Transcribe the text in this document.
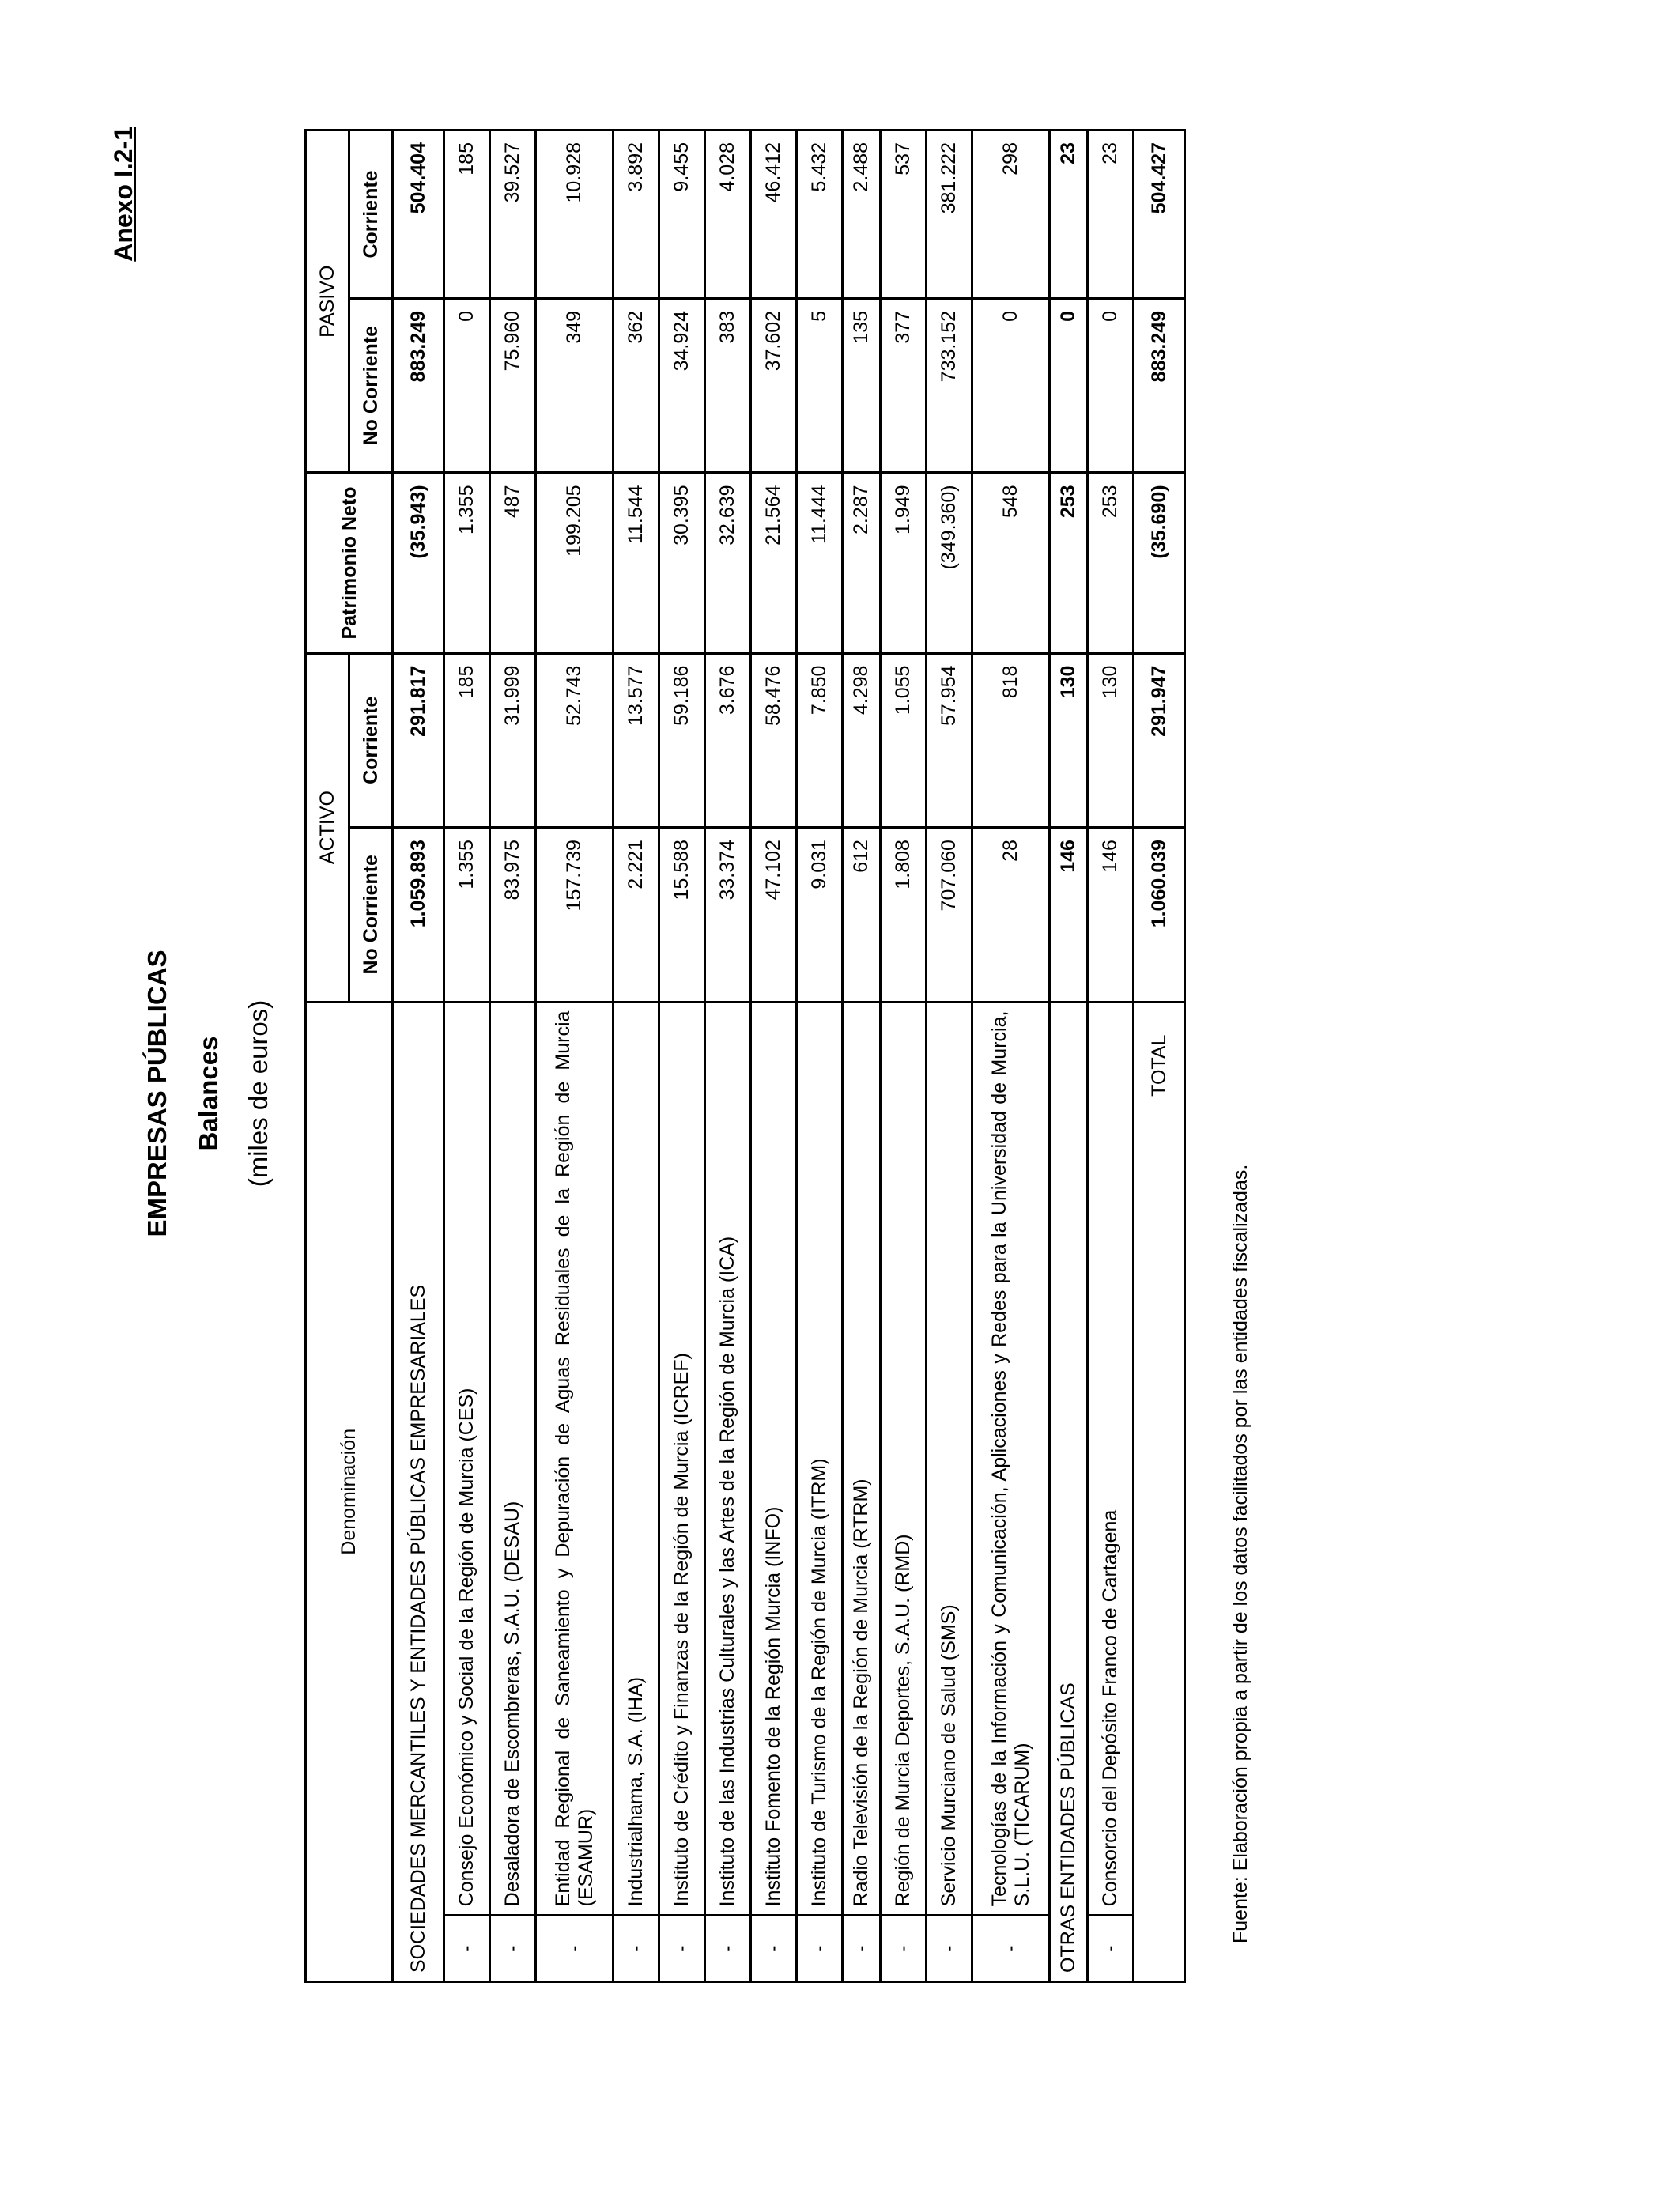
Anexo I.2-1
EMPRESAS PÚBLICAS Balances (miles de euros)
Denominación		ACTIVO		Patrimonio Neto	PASIVO	
		No Corriente	Corriente		No Corriente	Corriente
SOCIEDADES MERCANTILES Y ENTIDADES PÚBLICAS EMPRESARIALES		1.059.893	291.817	(35.943)	883.249	504.404
-	Consejo Económico y Social de la Región de Murcia (CES)	1.355	185	1.355	0	185
-	Desaladora de Escombreras, S.A.U. (DESAU)	83.975	31.999	487	75.960	39.527
-	Entidad Regional de Saneamiento y Depuración de Aguas Residuales de la Región de Murcia (ESAMUR)	157.739	52.743	199.205	349	10.928
-	Industrialhama, S.A. (IHA)	2.221	13.577	11.544	362	3.892
-	Instituto de Crédito y Finanzas de la Región de Murcia (ICREF)	15.588	59.186	30.395	34.924	9.455
-	Instituto de las Industrias Culturales y las Artes de la Región de Murcia (ICA)	33.374	3.676	32.639	383	4.028
-	Instituto Fomento de la Región Murcia (INFO)	47.102	58.476	21.564	37.602	46.412
-	Instituto de Turismo de la Región de Murcia (ITRM)	9.031	7.850	11.444	5	5.432
-	Radio Televisión de la Región de Murcia (RTRM)	612	4.298	2.287	135	2.488
-	Región de Murcia Deportes, S.A.U. (RMD)	1.808	1.055	1.949	377	537
-	Servicio Murciano de Salud (SMS)	707.060	57.954	(349.360)	733.152	381.222
-	Tecnologías de la Información y Comunicación, Aplicaciones y Redes para la Universidad de Murcia, S.L.U. (TICARUM)	28	818	548	0	298
OTRAS ENTIDADES PÚBLICAS		146	130	253	0	23
-	Consorcio del Depósito Franco de Cartagena	146	130	253	0	23
TOTAL		1.060.039	291.947	(35.690)	883.249	504.427
Fuente: Elaboración propia a partir de los datos facilitados por las entidades fiscalizadas.
